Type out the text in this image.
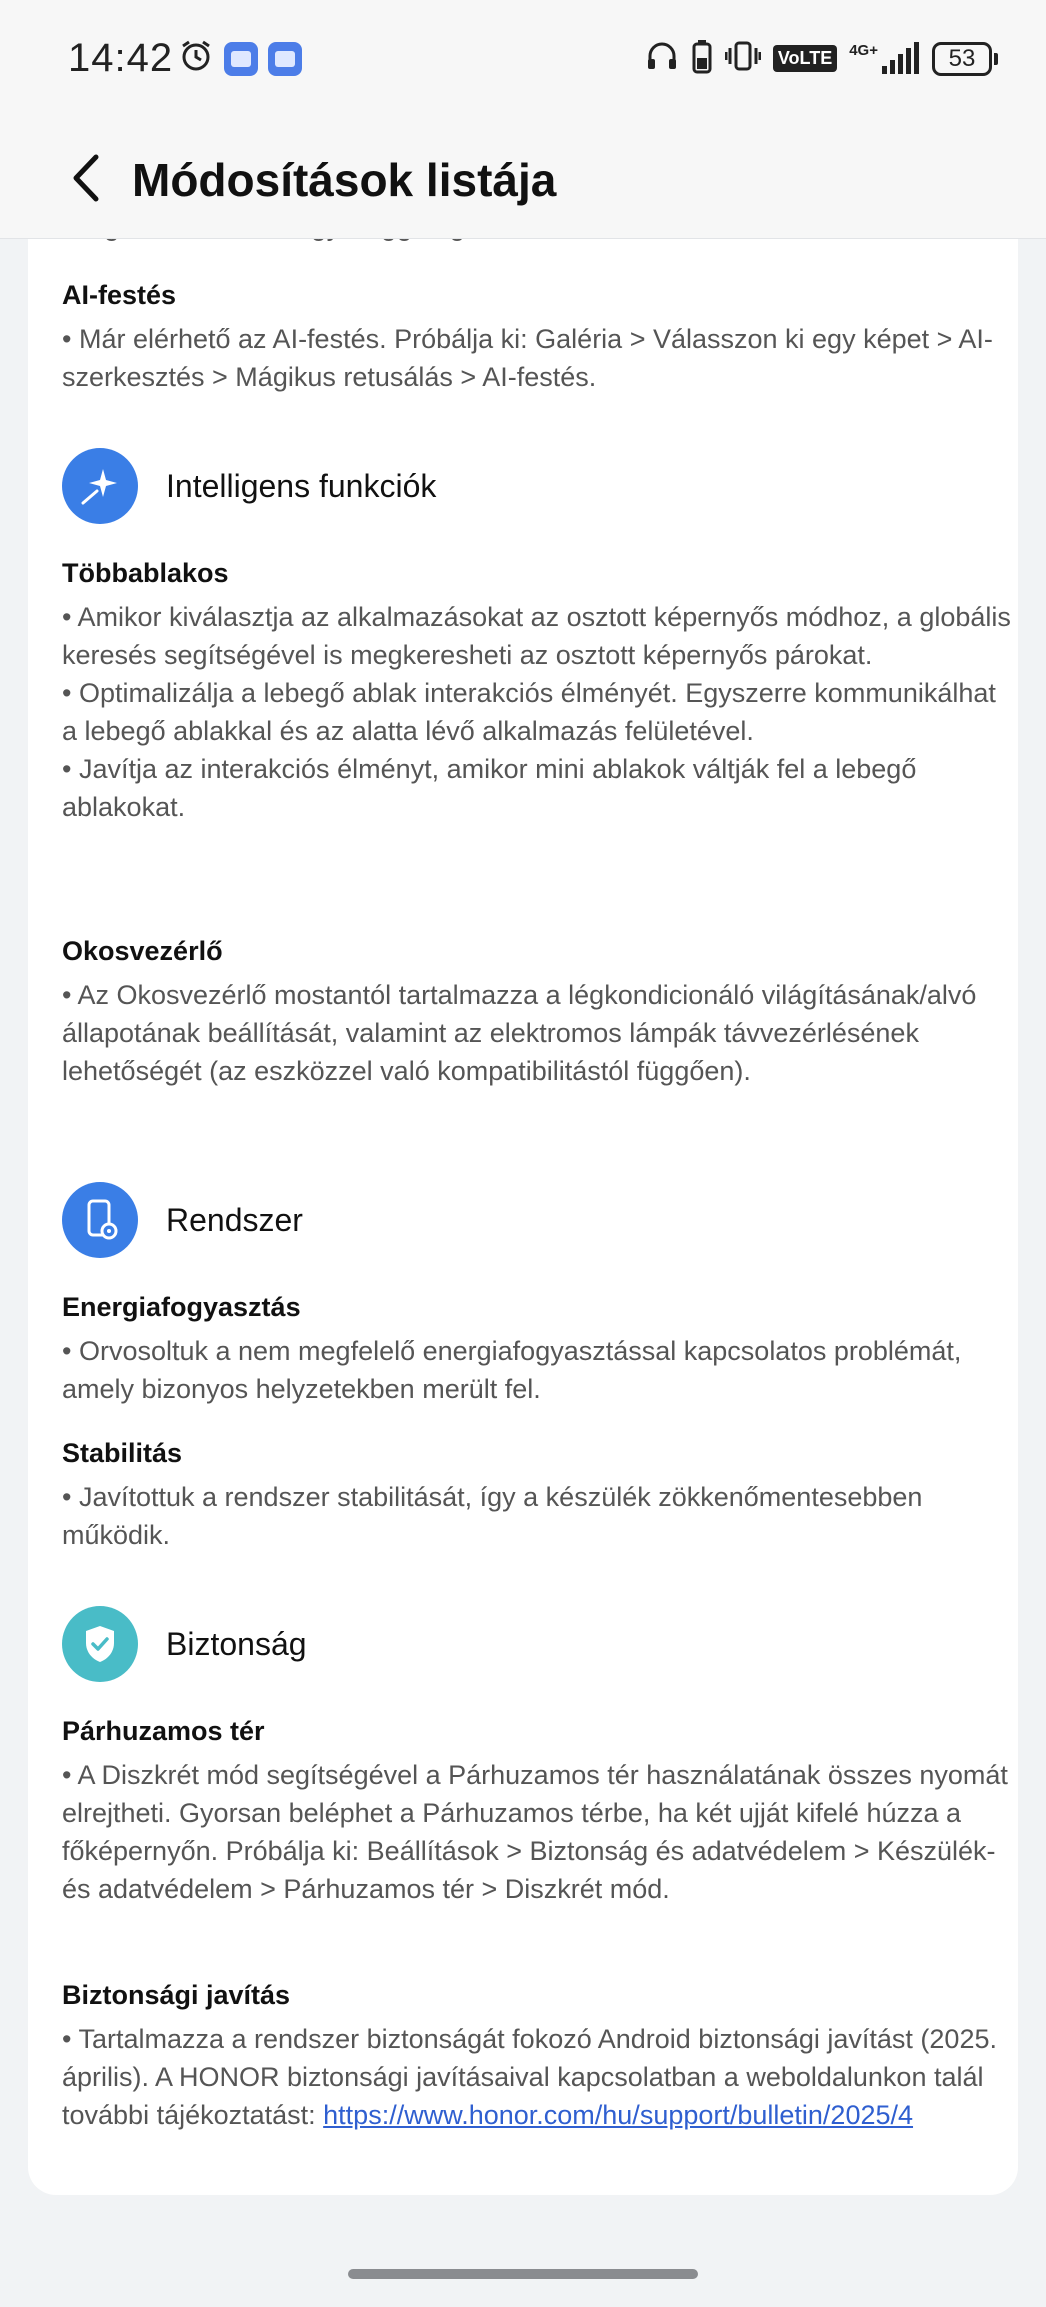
14:42	VoLTE	4G+	53
Módosítások listája
AI-festés

• Már elérhető az AI-festés. Próbálja ki: Galéria > Válasszon ki egy képet > AI-szerkesztés > Mágikus retusálás > AI-festés.

Intelligens funkciók
Többablakos

• Amikor kiválasztja az alkalmazásokat az osztott képernyős módhoz, a globális keresés segítségével is megkeresheti az osztott képernyős párokat.
• Optimalizálja a lebegő ablak interakciós élményét. Egyszerre kommunikálhat a lebegő ablakkal és az alatta lévő alkalmazás felületével.
• Javítja az interakciós élményt, amikor mini ablakok váltják fel a lebegő ablakokat.

Okosvezérlő

• Az Okosvezérlő mostantól tartalmazza a légkondicionáló világításának/alvó állapotának beállítását, valamint az elektromos lámpák távvezérlésének lehetőségét (az eszközzel való kompatibilitástól függően).

Rendszer
Energiafogyasztás

• Orvosoltuk a nem megfelelő energiafogyasztással kapcsolatos problémát, amely bizonyos helyzetekben merült fel.

Stabilitás

• Javítottuk a rendszer stabilitását, így a készülék zökkenőmentesebben működik.

Biztonság
Párhuzamos tér

• A Diszkrét mód segítségével a Párhuzamos tér használatának összes nyomát elrejtheti. Gyorsan beléphet a Párhuzamos térbe, ha két ujját kifelé húzza a főképernyőn. Próbálja ki: Beállítások > Biztonság és adatvédelem > Készülék- és adatvédelem > Párhuzamos tér > Diszkrét mód.

Biztonsági javítás

• Tartalmazza a rendszer biztonságát fokozó Android biztonsági javítást (2025. április). A HONOR biztonsági javításaival kapcsolatban a weboldalunkon talál további tájékoztatást: https://www.honor.com/hu/support/bulletin/2025/4
